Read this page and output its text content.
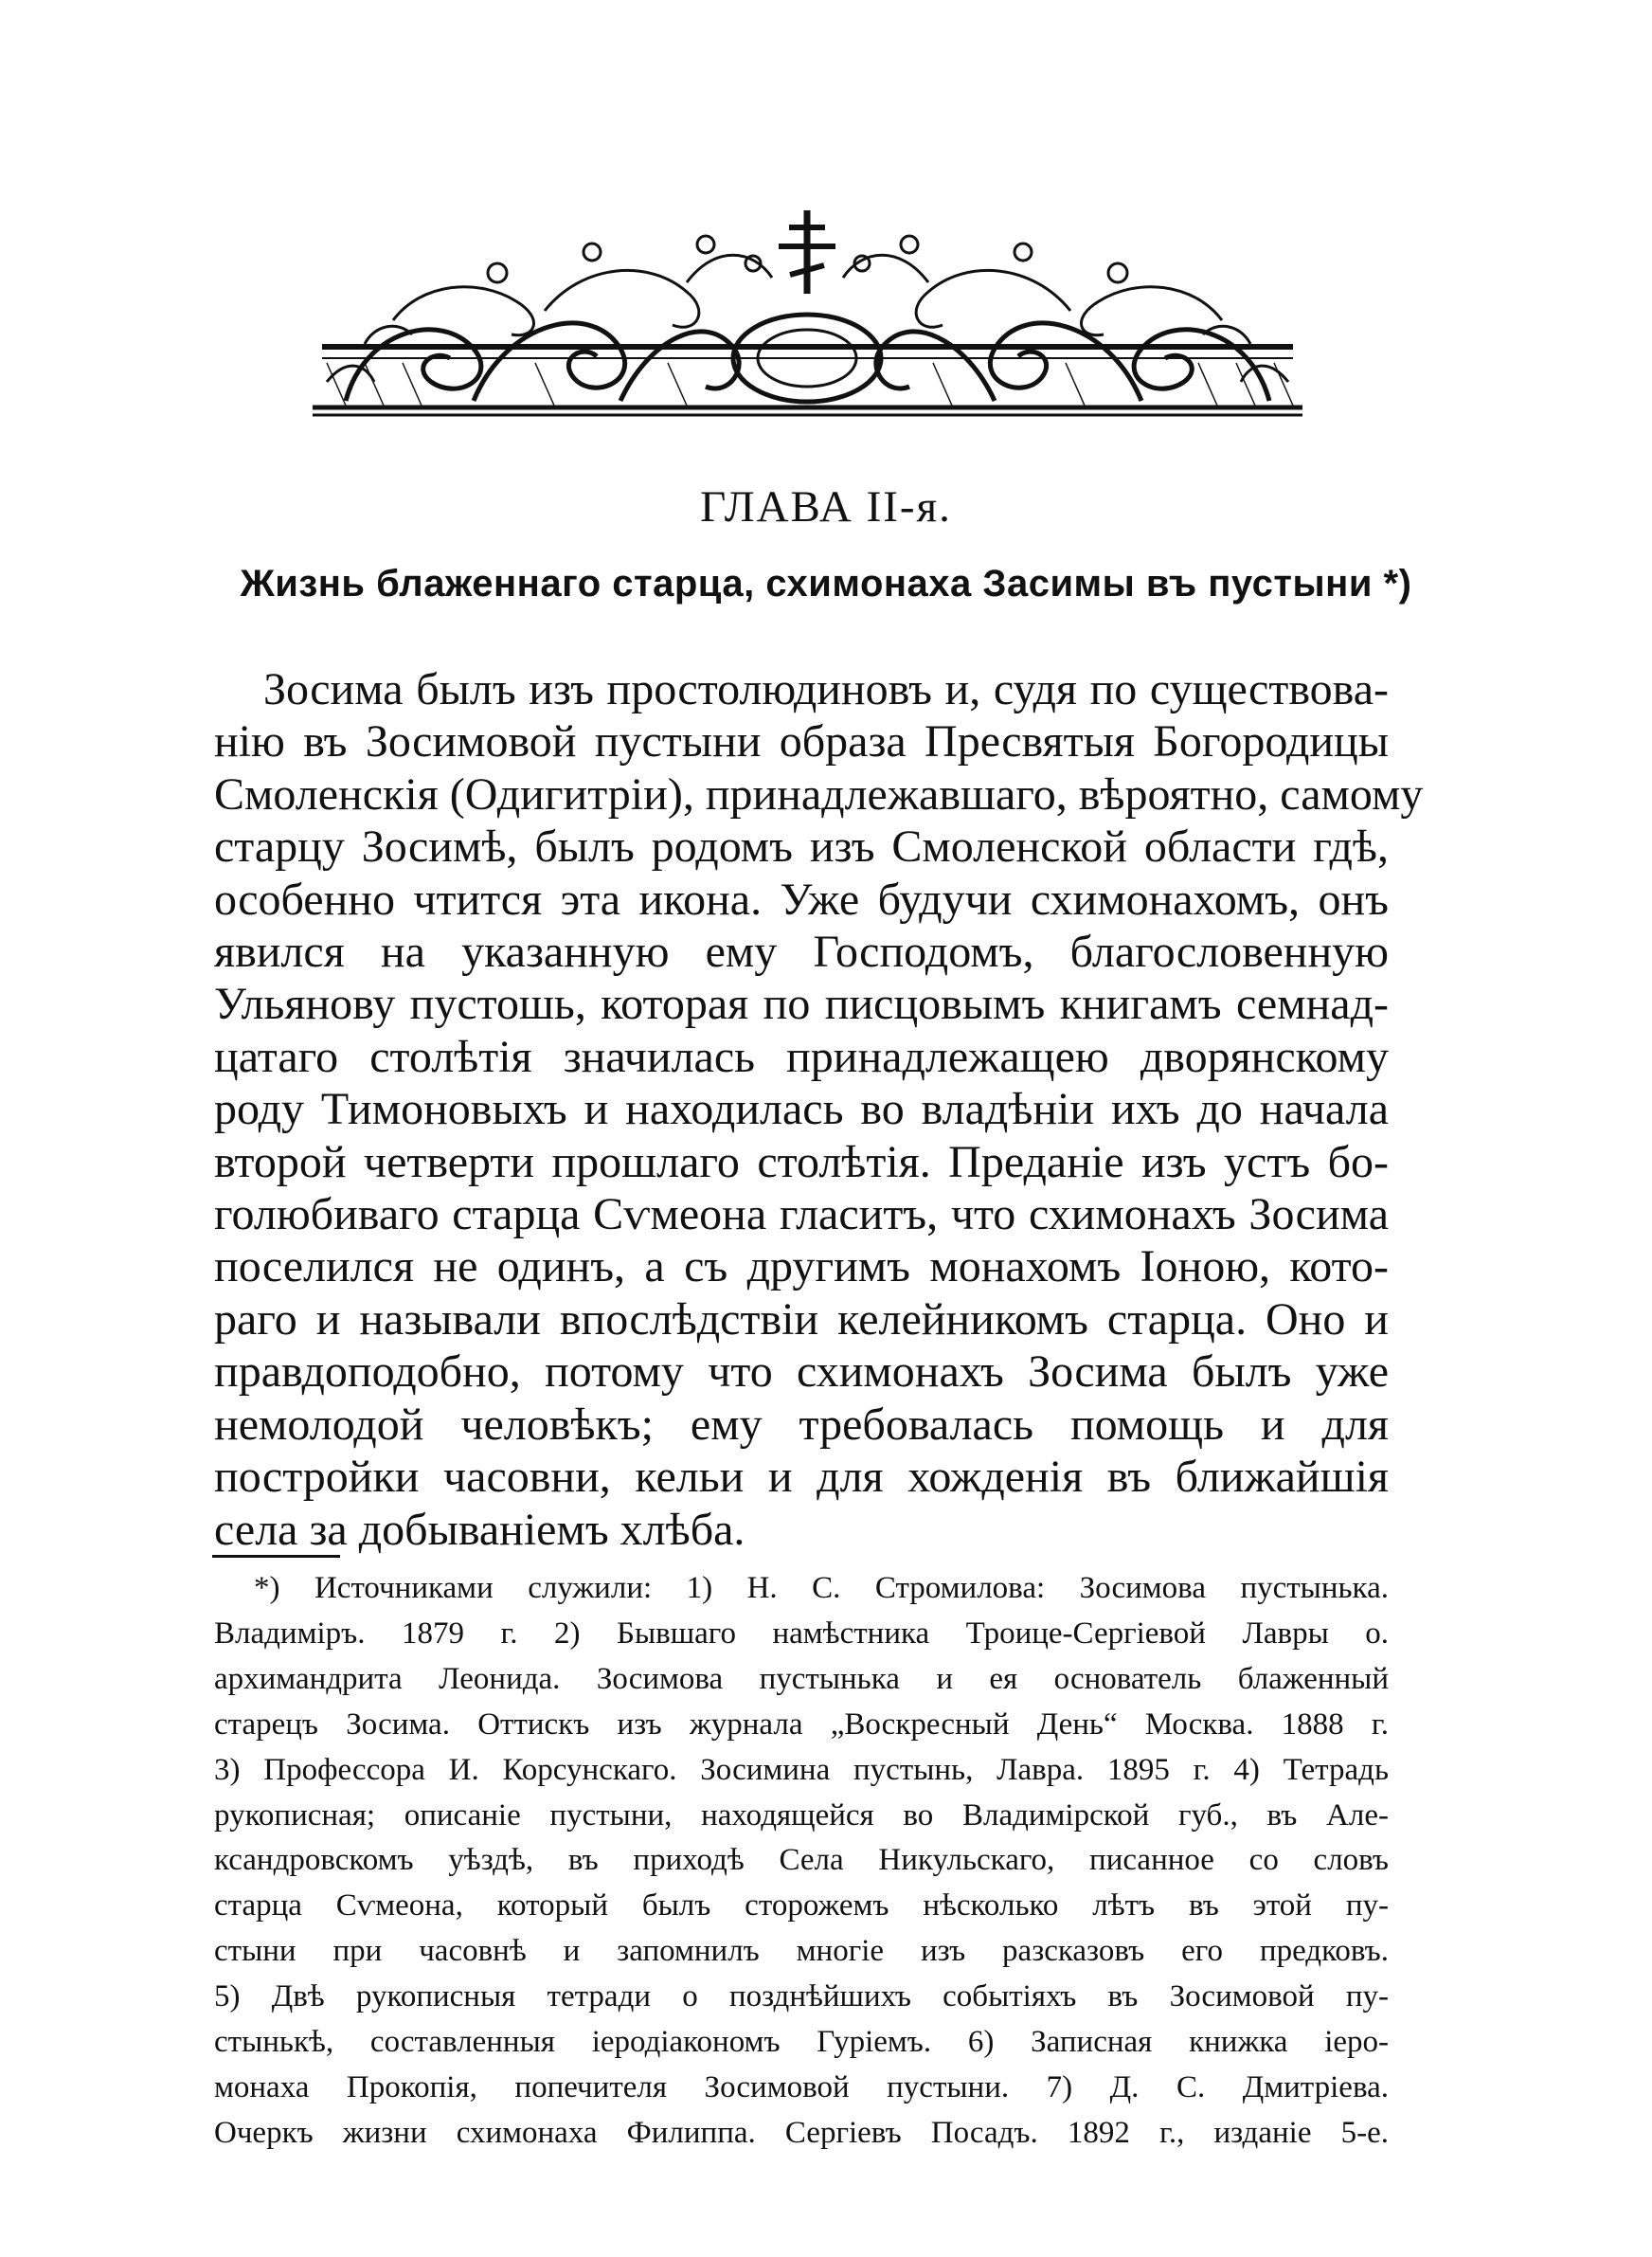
ГЛАВА II-я.
Жизнь блаженнаго старца, схимонаха Засимы въ пустыни *)
Зосима былъ изъ простолюдиновъ и, судя по существова-
нію въ Зосимовой пустыни образа Пресвятыя Богородицы
Смоленскія (Одигитріи), принадлежавшаго, вѣроятно, самому
старцу Зосимѣ, былъ родомъ изъ Смоленской области гдѣ,
особенно чтится эта икона. Уже будучи схимонахомъ, онъ
явился на указанную ему Господомъ, благословенную
Ульянову пустошь, которая по писцовымъ книгамъ семнад-
цатаго столѣтія значилась принадлежащею дворянскому
роду Тимоновыхъ и находилась во владѣніи ихъ до начала
второй четверти прошлаго столѣтія. Преданіе изъ устъ бо-
голюбиваго старца Сѵмеона гласитъ, что схимонахъ Зосима
поселился не одинъ, а съ другимъ монахомъ Іоною, кото-
раго и называли впослѣдствіи келейникомъ старца. Оно и
правдоподобно, потому что схимонахъ Зосима былъ уже
немолодой человѣкъ; ему требовалась помощь и для
постройки часовни, кельи и для хожденія въ ближайшія
села за добываніемъ хлѣба.
*) Источниками служили: 1) Н. С. Стромилова: Зосимова пустынька.
Владиміръ. 1879 г. 2) Бывшаго намѣстника Троице-Сергіевой Лавры о.
архимандрита Леонида. Зосимова пустынька и ея основатель блаженный
старецъ Зосима. Оттискъ изъ журнала „Воскресный День“ Москва. 1888 г.
3) Профессора И. Корсунскаго. Зосимина пустынь, Лавра. 1895 г. 4) Тетрадь
рукописная; описаніе пустыни, находящейся во Владимірской губ., въ Але-
ксандровскомъ уѣздѣ, въ приходѣ Села Никульскаго, писанное со словъ
старца Сѵмеона, который былъ сторожемъ нѣсколько лѣтъ въ этой пу-
стыни при часовнѣ и запомнилъ многіе изъ разсказовъ его предковъ.
5) Двѣ рукописныя тетради о позднѣйшихъ событіяхъ въ Зосимовой пу-
стынькѣ, составленныя іеродіакономъ Гуріемъ. 6) Записная книжка іеро-
монаха Прокопія, попечителя Зосимовой пустыни. 7) Д. С. Дмитріева.
Очеркъ жизни схимонаха Филиппа. Сергіевъ Посадъ. 1892 г., изданіе 5-е.
